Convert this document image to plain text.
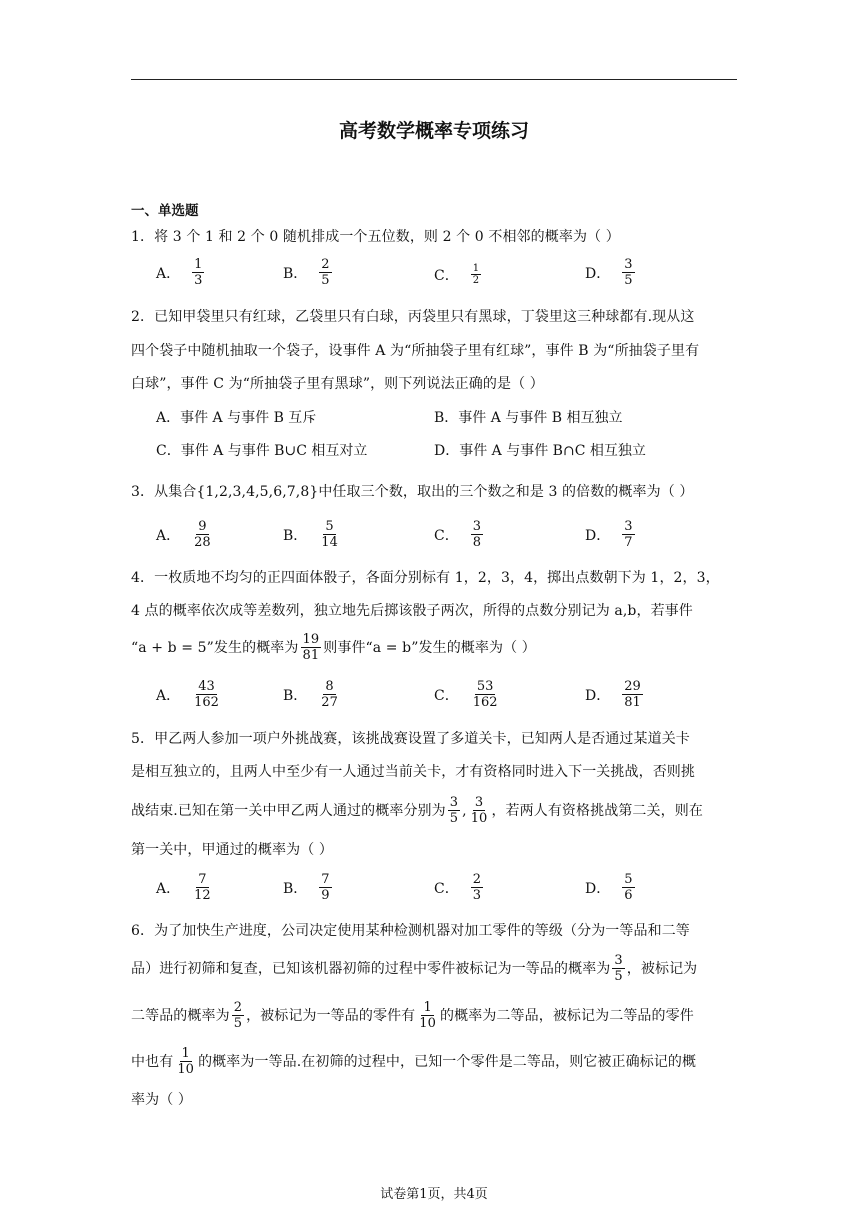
高考数学概率专项练习
一、单选题
1．将 3 个 1 和 2 个 0 随机排成一个五位数，则 2 个 0 不相邻的概率为（ ）
A． $\frac{1}{3}$	B． $\frac{2}{5}$	C． $\frac{1}{2}$	D． $\frac{3}{5}$
2．已知甲袋里只有红球，乙袋里只有白球，丙袋里只有黑球，丁袋里这三种球都有.现从这
四个袋子中随机抽取一个袋子，设事件 A 为“所抽袋子里有红球”，事件 B 为“所抽袋子里有
白球”，事件 C 为“所抽袋子里有黑球”，则下列说法正确的是（ ）
A．事件 A 与事件 B 互斥	B．事件 A 与事件 B 相互独立
C．事件 A 与事件 B∪C 相互对立	D．事件 A 与事件 B∩C 相互独立
3．从集合{1,2,3,4,5,6,7,8}中任取三个数，取出的三个数之和是 3 的倍数的概率为（ ）
A． $\frac{9}{28}$	B． $\frac{5}{14}$	C． $\frac{3}{8}$	D． $\frac{3}{7}$
4．一枚质地不均匀的正四面体骰子，各面分别标有 1，2，3，4，掷出点数朝下为 1，2，3，
4 点的概率依次成等差数列，独立地先后掷该骰子两次，所得的点数分别记为 a,b，若事件
“a + b = 5”发生的概率为 $\frac{19}{81}$ 则事件“a = b”发生的概率为（ ）
A． $\frac{43}{162}$	B． $\frac{8}{27}$	C． $\frac{53}{162}$	D． $\frac{29}{81}$
5．甲乙两人参加一项户外挑战赛，该挑战赛设置了多道关卡，已知两人是否通过某道关卡
是相互独立的，且两人中至少有一人通过当前关卡，才有资格同时进入下一关挑战，否则挑
战结束.已知在第一关中甲乙两人通过的概率分别为 $\frac{3}{5}$ , $\frac{3}{10}$ ，若两人有资格挑战第二关，则在
第一关中，甲通过的概率为（ ）
A． $\frac{7}{12}$	B． $\frac{7}{9}$	C． $\frac{2}{3}$	D． $\frac{5}{6}$
6．为了加快生产进度，公司决定使用某种检测机器对加工零件的等级（分为一等品和二等
品）进行初筛和复查，已知该机器初筛的过程中零件被标记为一等品的概率为 $\frac{3}{5}$ ，被标记为
二等品的概率为 $\frac{2}{5}$ ，被标记为一等品的零件有 $\frac{1}{10}$ 的概率为二等品，被标记为二等品的零件
中也有 $\frac{1}{10}$ 的概率为一等品.在初筛的过程中，已知一个零件是二等品，则它被正确标记的概
率为（ ）
试卷第1页，共4页
